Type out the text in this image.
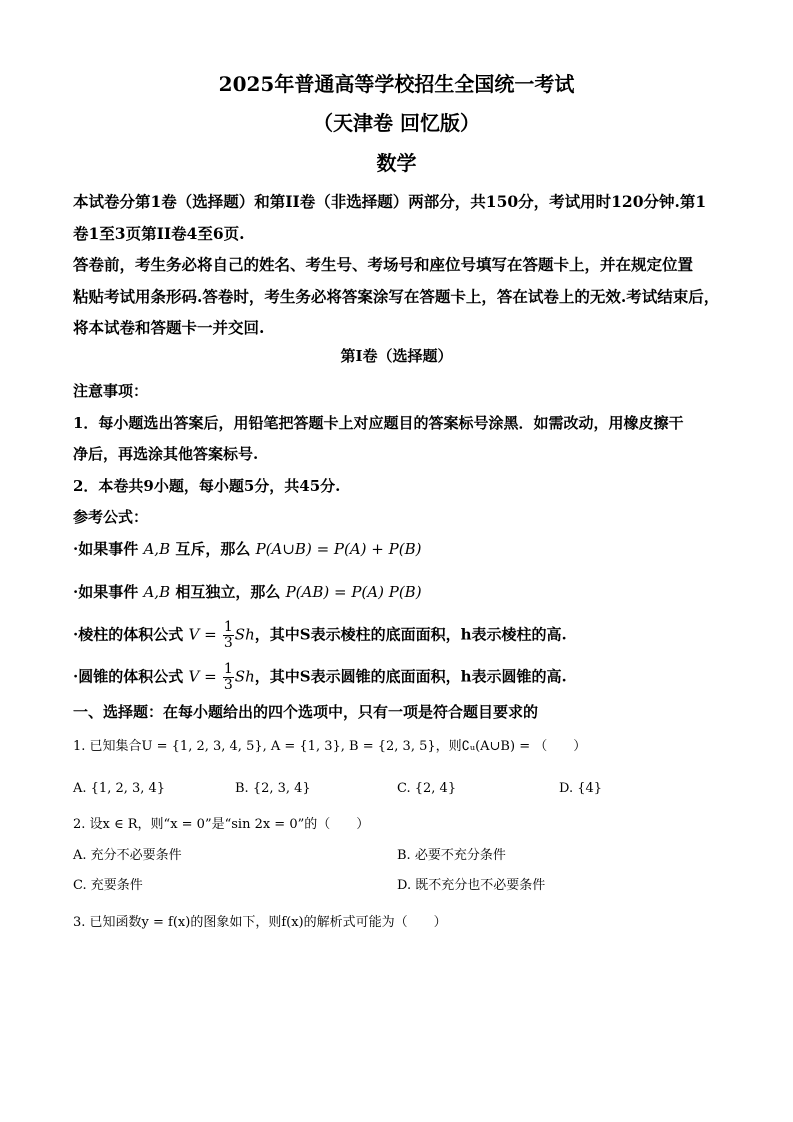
2025年普通高等学校招生全国统一考试
（天津卷 回忆版）
数学
本试卷分第1卷（选择题）和第II卷（非选择题）两部分，共150分，考试用时120分钟.第1
卷1至3页第II卷4至6页.
答卷前，考生务必将自己的姓名、考生号、考场号和座位号填写在答题卡上，并在规定位置
粘贴考试用条形码.答卷时，考生务必将答案涂写在答题卡上，答在试卷上的无效.考试结束后，
将本试卷和答题卡一并交回.
第I卷（选择题）
注意事项：
1．每小题选出答案后，用铅笔把答题卡上对应题目的答案标号涂黑．如需改动，用橡皮擦干
净后，再选涂其他答案标号.
2．本卷共9小题，每小题5分，共45分.
参考公式：
·如果事件 A,B 互斥，那么 P(A∪B) = P(A) + P(B)
·如果事件 A,B 相互独立，那么 P(AB) = P(A) P(B)
·棱柱的体积公式 $V = \frac{1}{3}$ Sh，其中S表示棱柱的底面面积，h表示棱柱的高.
·圆锥的体积公式 $V = \frac{1}{3}$ Sh，其中S表示圆锥的底面面积，h表示圆锥的高.
一、选择题：在每小题给出的四个选项中，只有一项是符合题目要求的
1. 已知集合U = {1, 2, 3, 4, 5}, A = {1, 3}, B = {2, 3, 5}，则∁ᵤ(A∪B) = （　　）
A. {1, 2, 3, 4}	B. {2, 3, 4}	C. {2, 4}	D. {4}
2. 设x ∈ R，则“x = 0”是“sin 2x = 0”的（　　）
A. 充分不必要条件	B. 必要不充分条件
C. 充要条件	D. 既不充分也不必要条件
3. 已知函数y = f(x)的图象如下，则f(x)的解析式可能为（　　）
